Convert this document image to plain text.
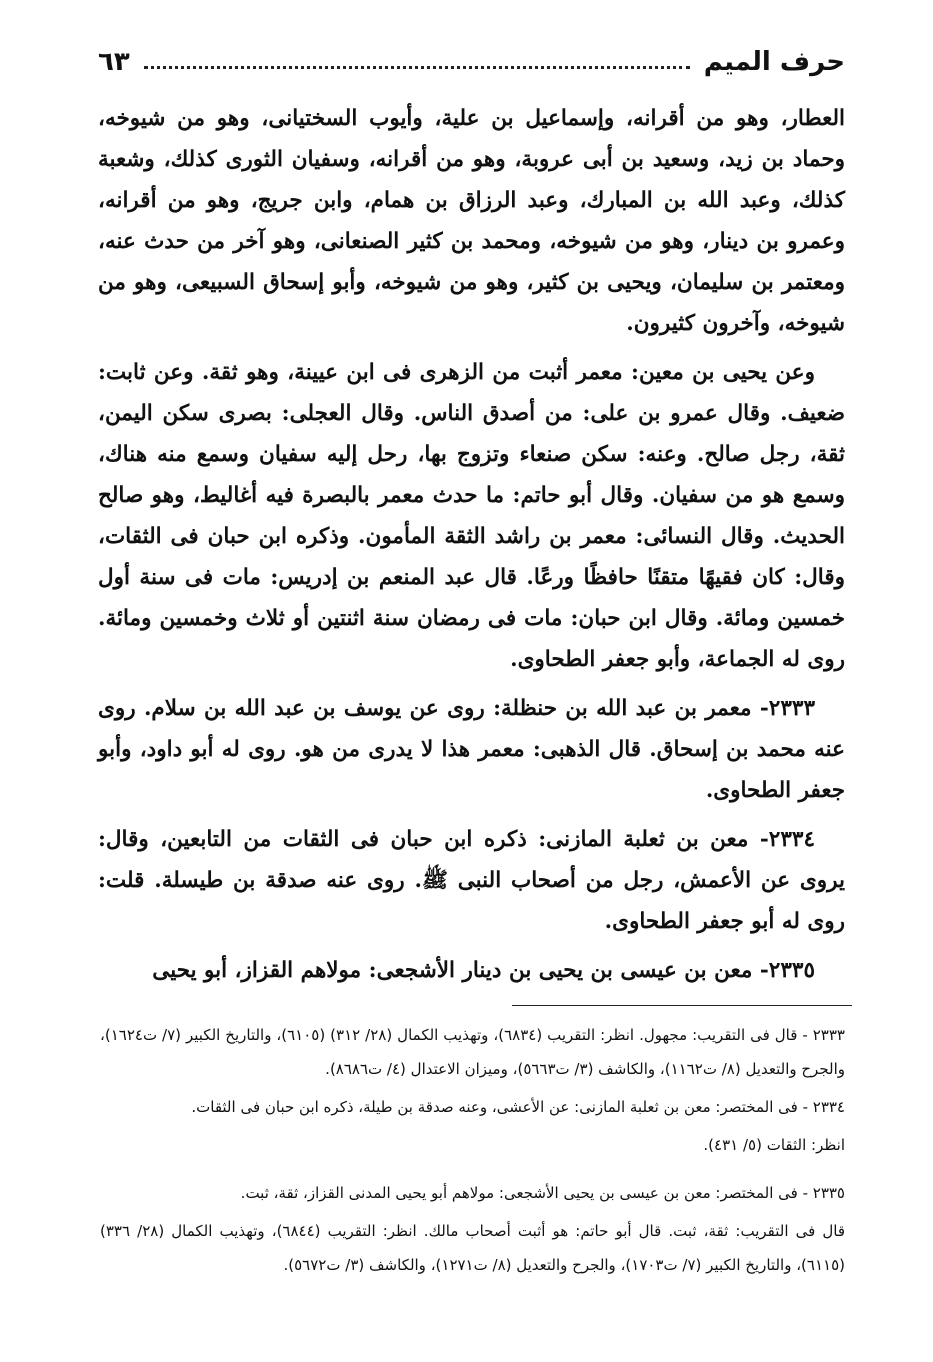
حرف الميم
٦٣

العطار، وهو من أقرانه، وإسماعيل بن علية، وأيوب السختيانى، وهو من شيوخه، وحماد بن زيد، وسعيد بن أبى عروبة، وهو من أقرانه، وسفيان الثورى كذلك، وشعبة كذلك، وعبد الله بن المبارك، وعبد الرزاق بن همام، وابن جريج، وهو من أقرانه، وعمرو بن دينار، وهو من شيوخه، ومحمد بن كثير الصنعانى، وهو آخر من حدث عنه، ومعتمر بن سليمان، ويحيى بن كثير، وهو من شيوخه، وأبو إسحاق السبيعى، وهو من شيوخه، وآخرون كثيرون.

وعن يحيى بن معين: معمر أثبت من الزهرى فى ابن عيينة، وهو ثقة. وعن ثابت: ضعيف. وقال عمرو بن على: من أصدق الناس. وقال العجلى: بصرى سكن اليمن، ثقة، رجل صالح. وعنه: سكن صنعاء وتزوج بها، رحل إليه سفيان وسمع منه هناك، وسمع هو من سفيان. وقال أبو حاتم: ما حدث معمر بالبصرة فيه أغاليط، وهو صالح الحديث. وقال النسائى: معمر بن راشد الثقة المأمون. وذكره ابن حبان فى الثقات، وقال: كان فقيهًا متقنًا حافظًا ورعًا. قال عبد المنعم بن إدريس: مات فى سنة أول خمسين ومائة. وقال ابن حبان: مات فى رمضان سنة اثنتين أو ثلاث وخمسين ومائة. روى له الجماعة، وأبو جعفر الطحاوى.

٢٣٣٣- معمر بن عبد الله بن حنظلة: روى عن يوسف بن عبد الله بن سلام. روى عنه محمد بن إسحاق. قال الذهبى: معمر هذا لا يدرى من هو. روى له أبو داود، وأبو جعفر الطحاوى.

٢٣٣٤- معن بن ثعلبة المازنى: ذكره ابن حبان فى الثقات من التابعين، وقال: يروى عن الأعمش، رجل من أصحاب النبى ﷺ. روى عنه صدقة بن طيسلة. قلت: روى له أبو جعفر الطحاوى.

٢٣٣٥- معن بن عيسى بن يحيى بن دينار الأشجعى: مولاهم القزاز، أبو يحيى

٢٣٣٣ - قال فى التقريب: مجهول. انظر: التقريب (٦٨٣٤)، وتهذيب الكمال (٢٨/ ٣١٢) (٦١٠٥)، والتاريخ الكبير (٧/ ت١٦٢٤)، والجرح والتعديل (٨/ ت١١٦٢)، والكاشف (٣/ ت٥٦٦٣)، وميزان الاعتدال (٤/ ت٨٦٨٦).

٢٣٣٤ - فى المختصر: معن بن ثعلبة المازنى: عن الأعشى، وعنه صدقة بن طيلة، ذكره ابن حبان فى الثقات.

انظر: الثقات (٥/ ٤٣١).

٢٣٣٥ - فى المختصر: معن بن عيسى بن يحيى الأشجعى: مولاهم أبو يحيى المدنى القزاز، ثقة، ثبت.

قال فى التقريب: ثقة، ثبت. قال أبو حاتم: هو أثبت أصحاب مالك. انظر: التقريب (٦٨٤٤)، وتهذيب الكمال (٢٨/ ٣٣٦) (٦١١٥)، والتاريخ الكبير (٧/ ت١٧٠٣)، والجرح والتعديل (٨/ ت١٢٧١)، والكاشف (٣/ ت٥٦٧٢).
